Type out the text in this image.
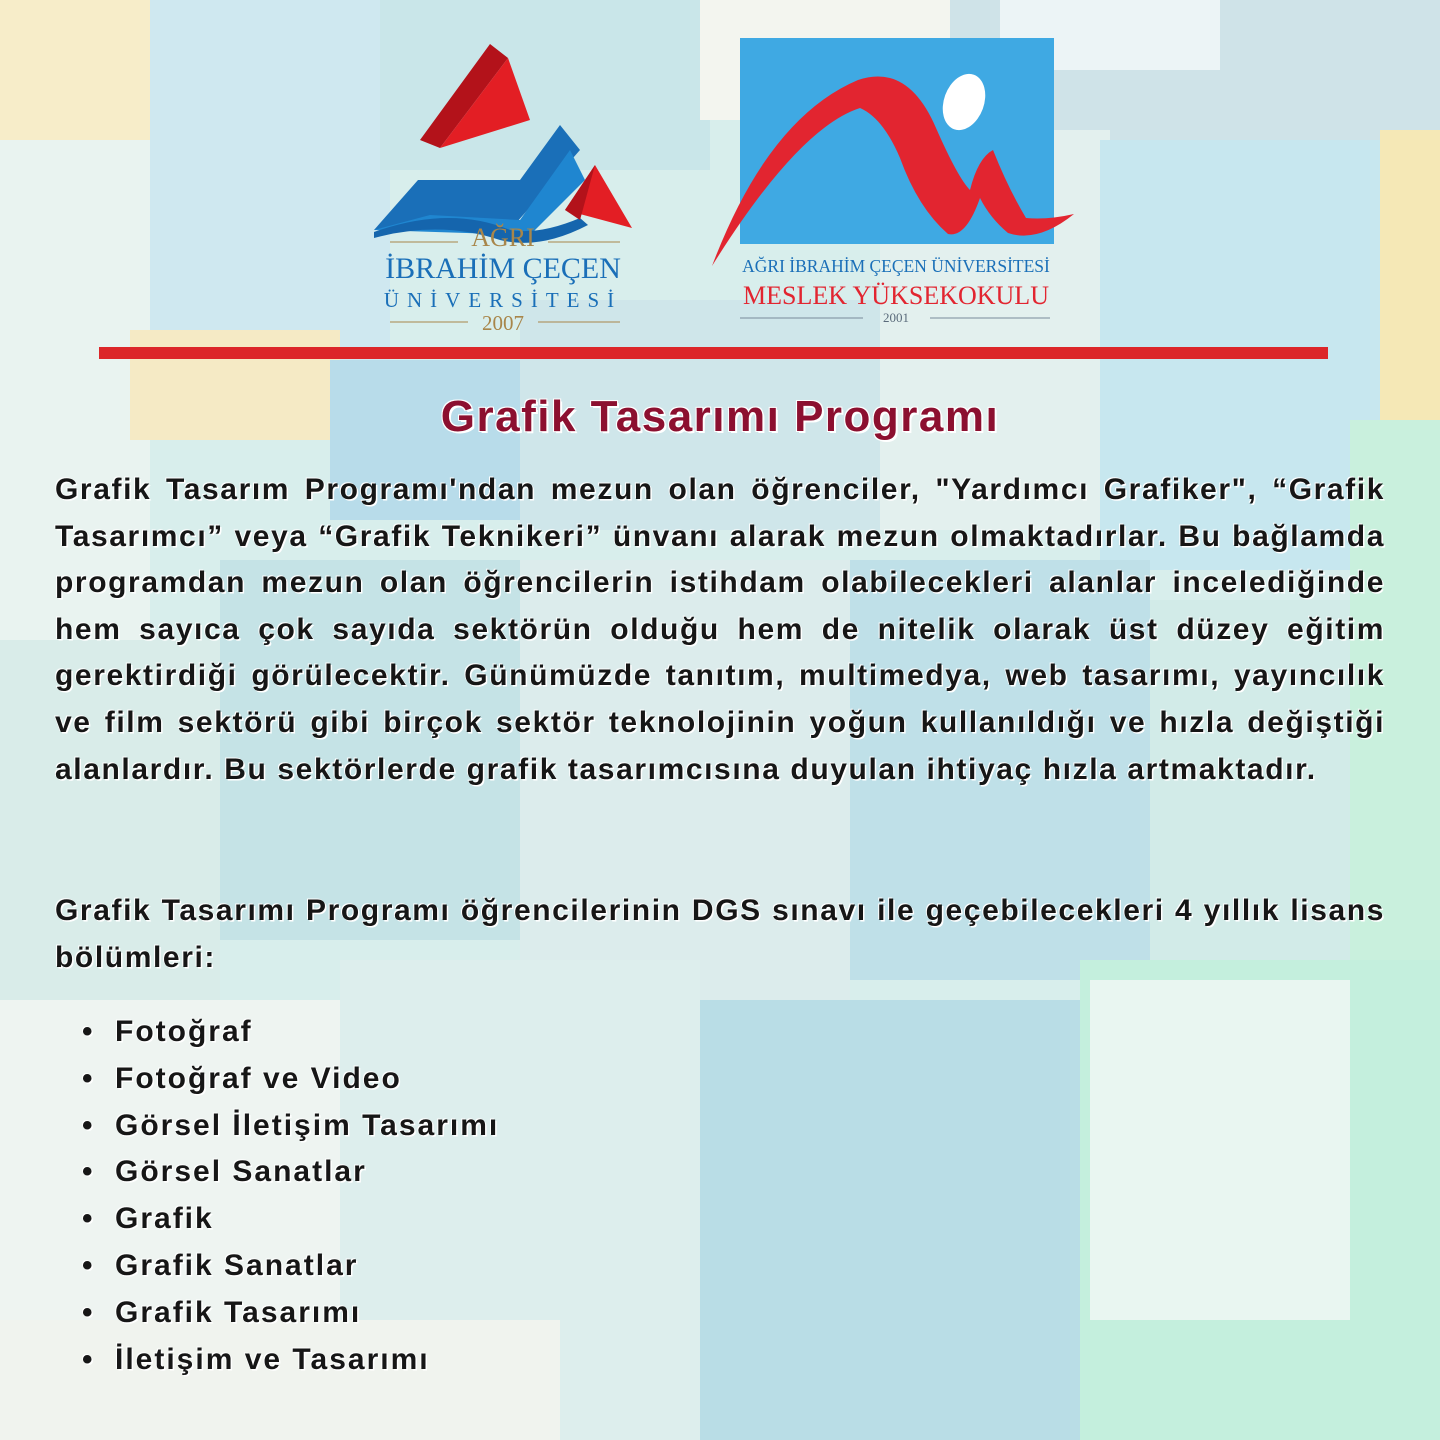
AĞRI
İBRAHİM ÇEÇEN
ÜNİVERSİTESİ
2007
AĞRI İBRAHİM ÇEÇEN ÜNİVERSİTESİ
MESLEK YÜKSEKOKULU
2001
Grafik Tasarımı Programı

Grafik Tasarım Programı'ndan mezun olan öğrenciler, "Yardımcı Grafiker", “Grafik Tasarımcı” veya “Grafik Teknikeri” ünvanı alarak mezun olmaktadırlar. Bu bağlamda programdan mezun olan öğrencilerin istihdam olabilecekleri alanlar incelediğinde hem sayıca çok sayıda sektörün olduğu hem de nitelik olarak üst düzey eğitim gerektirdiği görülecektir. Günümüzde tanıtım, multimedya, web tasarımı, yayıncılık ve film sektörü gibi birçok sektör teknolojinin yoğun kullanıldığı ve hızla değiştiği alanlardır. Bu sektörlerde grafik tasarımcısına duyulan ihtiyaç hızla artmaktadır.

Grafik Tasarımı Programı öğrencilerinin DGS sınavı ile geçebilecekleri 4 yıllık lisans bölümleri:

• Fotoğraf
• Fotoğraf ve Video
• Görsel İletişim Tasarımı
• Görsel Sanatlar
• Grafik
• Grafik Sanatlar
• Grafik Tasarımı
• İletişim ve Tasarımı
